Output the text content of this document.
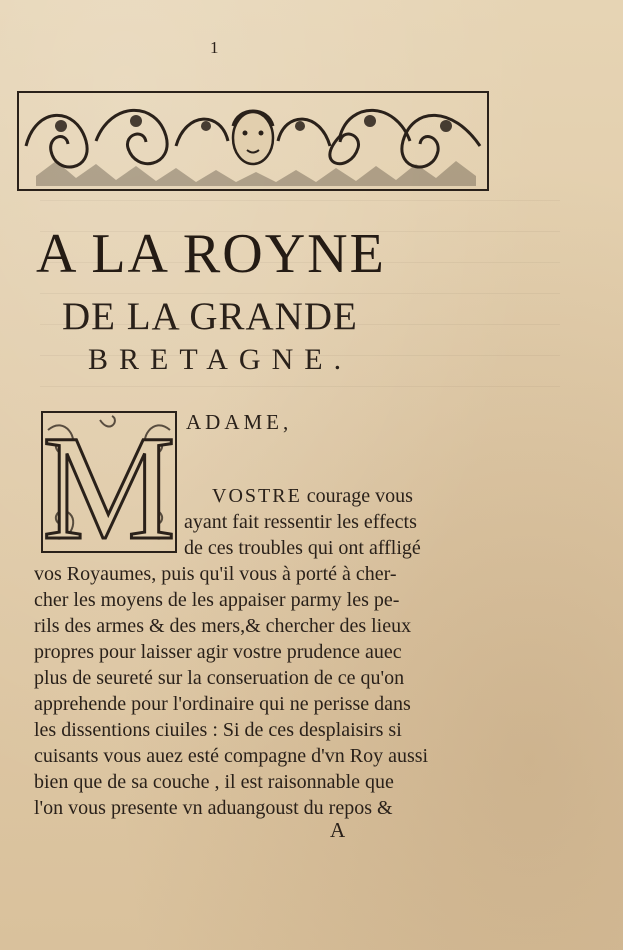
1
A LA ROYNE
DE LA GRANDE
BRETAGNE.
M ADAME,
VOSTRE courage vous
ayant fait ressentir les effects
de ces troubles qui ont affligé
vos Royaumes, puis qu'il vous à porté à cher-
cher les moyens de les appaiser parmy les pe-
rils des armes & des mers,& chercher des lieux
propres pour laisser agir vostre prudence auec
plus de seureté sur la conseruation de ce qu'on
apprehende pour l'ordinaire qui ne perisse dans
les dissentions ciuiles : Si de ces desplaisirs si
cuisants vous auez esté compagne d'vn Roy aussi
bien que de sa couche , il est raisonnable que
l'on vous presente vn aduangoust du repos &
A
